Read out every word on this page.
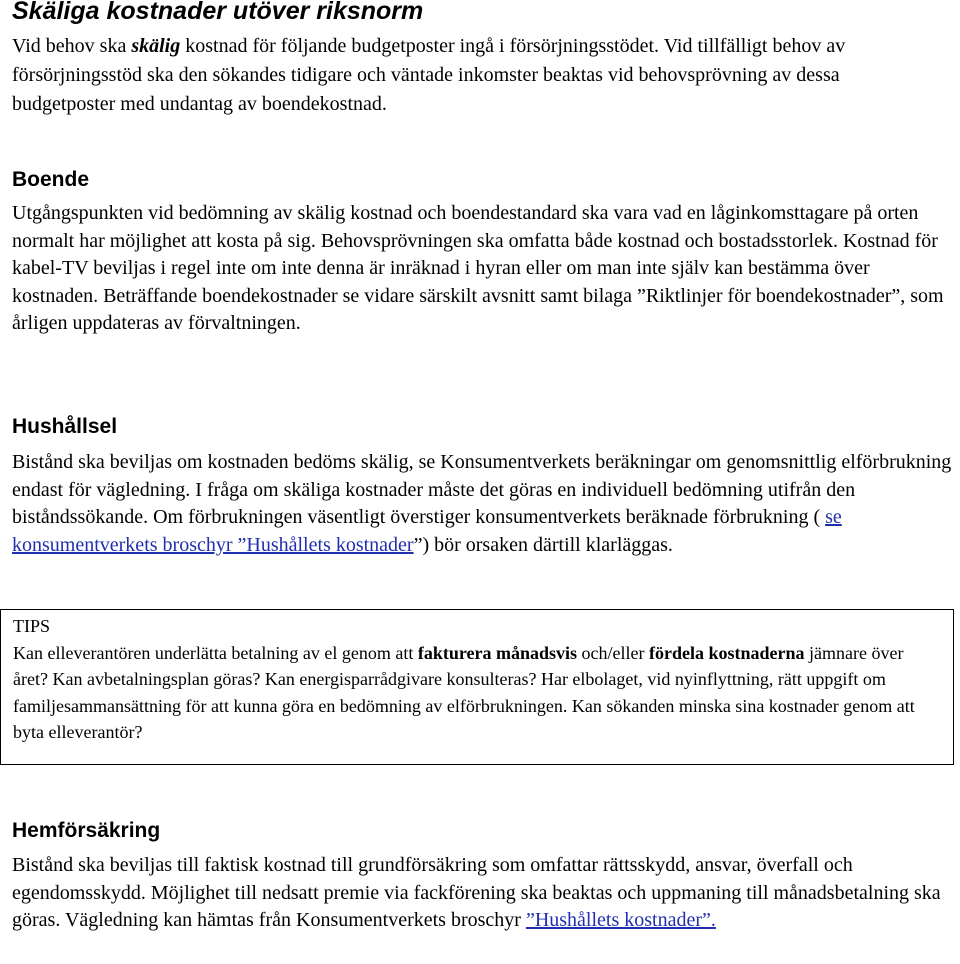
Skäliga kostnader utöver riksnorm

Vid behov ska skälig kostnad för följande budgetposter ingå i försörjningsstödet. Vid tillfälligt behov av försörjningsstöd ska den sökandes tidigare och väntade inkomster beaktas vid behovsprövning av dessa budgetposter med undantag av boendekostnad.

Boende

Utgångspunkten vid bedömning av skälig kostnad och boendestandard ska vara vad en låginkomsttagare på orten normalt har möjlighet att kosta på sig. Behovsprövningen ska omfatta både kostnad och bostadsstorlek. Kostnad för kabel-TV beviljas i regel inte om inte denna är inräknad i hyran eller om man inte själv kan bestämma över kostnaden. Beträffande boendekostnader se vidare särskilt avsnitt samt bilaga ”Riktlinjer för boendekostnader”, som årligen uppdateras av förvaltningen.

Hushållsel

Bistånd ska beviljas om kostnaden bedöms skälig, se Konsumentverkets beräkningar om genomsnittlig elförbrukning endast för vägledning. I fråga om skäliga kostnader måste det göras en individuell bedömning utifrån den biståndssökande. Om förbrukningen väsentligt överstiger konsumentverkets beräknade förbrukning ( se konsumentverkets broschyr ”Hushållets kostnader”) bör orsaken därtill klarläggas.

TIPS

Kan elleverantören underlätta betalning av el genom att fakturera månadsvis och/eller fördela kostnaderna jämnare över året? Kan avbetalningsplan göras? Kan energisparrådgivare konsulteras? Har elbolaget, vid nyinflyttning, rätt uppgift om familjesammansättning för att kunna göra en bedömning av elförbrukningen. Kan sökanden minska sina kostnader genom att byta elleverantör?

Hemförsäkring

Bistånd ska beviljas till faktisk kostnad till grundförsäkring som omfattar rättsskydd, ansvar, överfall och egendomsskydd. Möjlighet till nedsatt premie via fackförening ska beaktas och uppmaning till månadsbetalning ska göras. Vägledning kan hämtas från Konsumentverkets broschyr ”Hushållets kostnader”.
